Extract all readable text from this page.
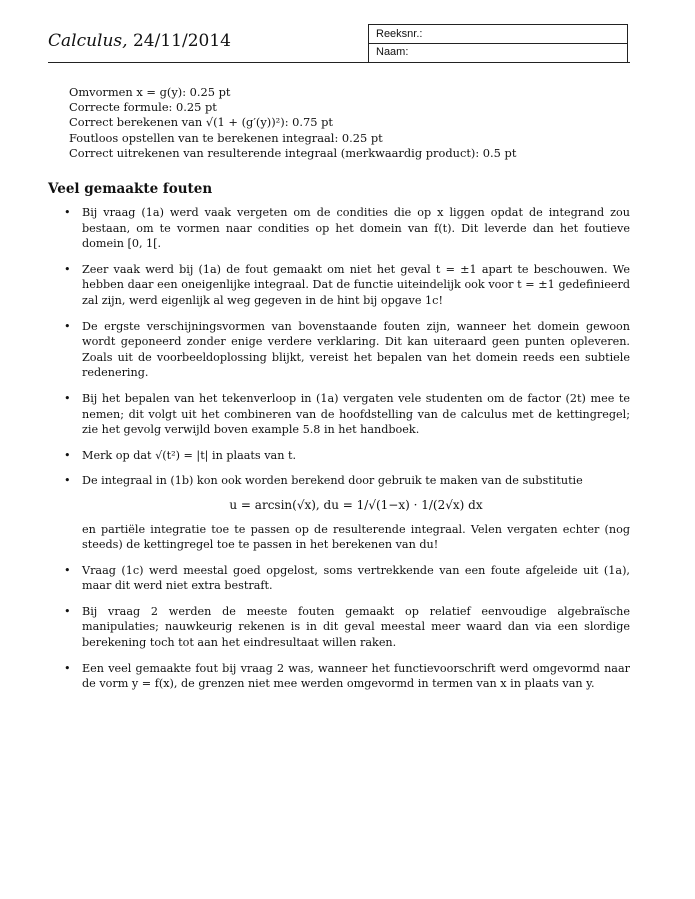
Calculus, 24/11/2014	Reeksnr.:
Naam:
Omvormen x = g(y): 0.25 pt
Correcte formule: 0.25 pt
Correct berekenen van √(1 + (g′(y))²): 0.75 pt
Foutloos opstellen van te berekenen integraal: 0.25 pt
Correct uitrekenen van resulterende integraal (merkwaardig product): 0.5 pt
Veel gemaakte fouten
• Bij vraag (1a) werd vaak vergeten om de condities die op x liggen opdat de integrand zou bestaan, om te vormen naar condities op het domein van f(t). Dit leverde dan het foutieve domein [0, 1[.
• Zeer vaak werd bij (1a) de fout gemaakt om niet het geval t = ±1 apart te beschouwen. We hebben daar een oneigenlijke integraal. Dat de functie uiteindelijk ook voor t = ±1 gedefinieerd zal zijn, werd eigenlijk al weg gegeven in de hint bij opgave 1c!
• De ergste verschijningsvormen van bovenstaande fouten zijn, wanneer het domein gewoon wordt geponeerd zonder enige verdere verklaring. Dit kan uiteraard geen punten opleveren. Zoals uit de voorbeeldoplossing blijkt, vereist het bepalen van het domein reeds een subtiele redenering.
• Bij het bepalen van het tekenverloop in (1a) vergaten vele studenten om de factor (2t) mee te nemen; dit volgt uit het combineren van de hoofdstelling van de calculus met de kettingregel; zie het gevolg verwijld boven example 5.8 in het handboek.
• Merk op dat √(t²) = |t| in plaats van t.
• De integraal in (1b) kon ook worden berekend door gebruik te maken van de substitutie
u = arcsin(√x), du = 1/√(1−x) · 1/(2√x) dx
en partiële integratie toe te passen op de resulterende integraal. Velen vergaten echter (nog steeds) de kettingregel toe te passen in het berekenen van du!
• Vraag (1c) werd meestal goed opgelost, soms vertrekkende van een foute afgeleide uit (1a), maar dit werd niet extra bestraft.
• Bij vraag 2 werden de meeste fouten gemaakt op relatief eenvoudige algebraïsche manipulaties; nauwkeurig rekenen is in dit geval meestal meer waard dan via een slordige berekening toch tot aan het eindresultaat willen raken.
• Een veel gemaakte fout bij vraag 2 was, wanneer het functievoorschrift werd omgevormd naar de vorm y = f(x), de grenzen niet mee werden omgevormd in termen van x in plaats van y.
